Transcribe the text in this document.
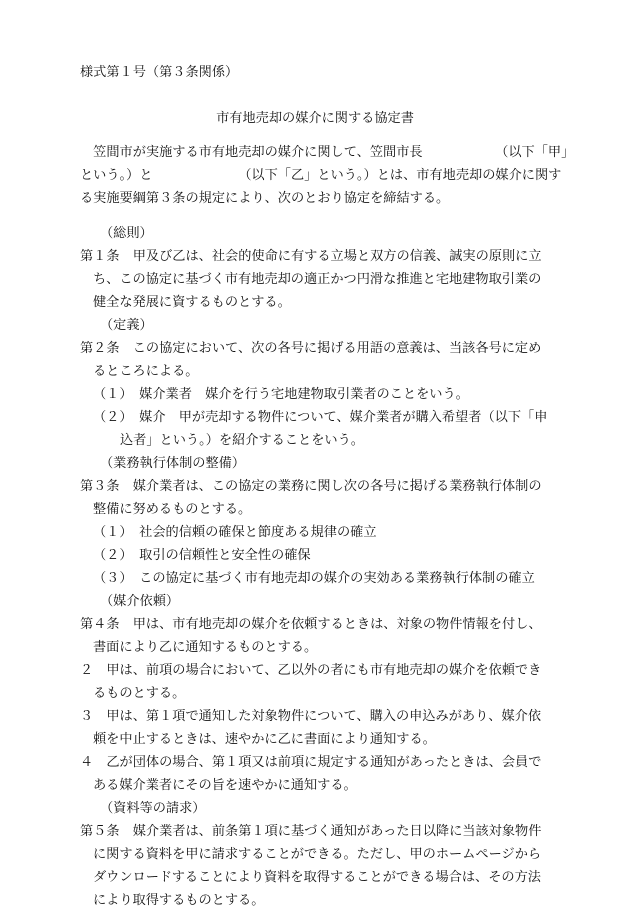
様式第１号（第３条関係）
市有地売却の媒介に関する協定書
　笠間市が実施する市有地売却の媒介に関して、笠間市長　　　　　　（以下「甲」
という。）と　　　　　　　（以下「乙」という。）とは、市有地売却の媒介に関す
る実施要綱第３条の規定により、次のとおり協定を締結する。
（総則）
第１条　甲及び乙は、社会的使命に有する立場と双方の信義、誠実の原則に立
ち、この協定に基づく市有地売却の適正かつ円滑な推進と宅地建物取引業の
健全な発展に資するものとする。
（定義）
第２条　この協定において、次の各号に掲げる用語の意義は、当該各号に定め
るところによる。
（１）　媒介業者　媒介を行う宅地建物取引業者のことをいう。
（２）　媒介　甲が売却する物件について、媒介業者が購入希望者（以下「申
込者」という。）を紹介することをいう。
（業務執行体制の整備）
第３条　媒介業者は、この協定の業務に関し次の各号に掲げる業務執行体制の
整備に努めるものとする。
（１）　社会的信頼の確保と節度ある規律の確立
（２）　取引の信頼性と安全性の確保
（３）　この協定に基づく市有地売却の媒介の実効ある業務執行体制の確立
（媒介依頼）
第４条　甲は、市有地売却の媒介を依頼するときは、対象の物件情報を付し、
書面により乙に通知するものとする。
２　甲は、前項の場合において、乙以外の者にも市有地売却の媒介を依頼でき
るものとする。
３　甲は、第１項で通知した対象物件について、購入の申込みがあり、媒介依
頼を中止するときは、速やかに乙に書面により通知する。
４　乙が団体の場合、第１項又は前項に規定する通知があったときは、会員で
ある媒介業者にその旨を速やかに通知する。
（資料等の請求）
第５条　媒介業者は、前条第１項に基づく通知があった日以降に当該対象物件
に関する資料を甲に請求することができる。ただし、甲のホームページから
ダウンロードすることにより資料を取得することができる場合は、その方法
により取得するものとする。
